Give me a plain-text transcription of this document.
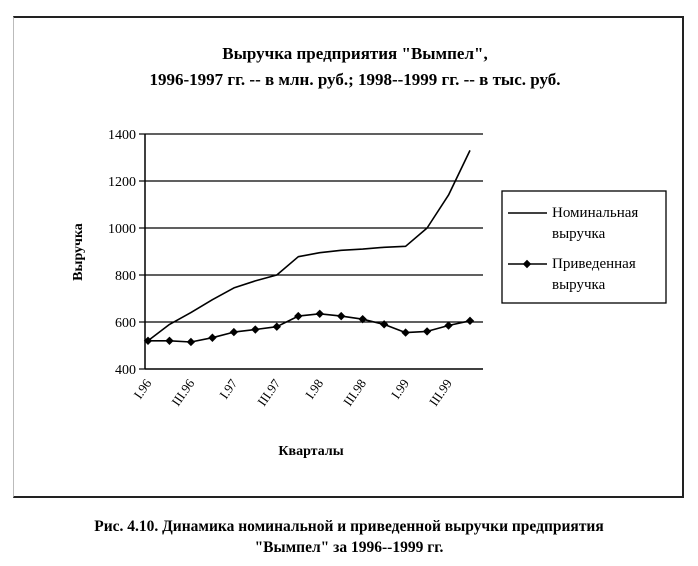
Выручка предприятия "Вымпел",
1996-1997 гг. -- в млн. руб.; 1998--1999 гг. -- в тыс. руб.
400
600
800
1000
1200
1400
I.96 III.96 I.97 III.97 I.98 III.98 I.99 III.99
Кварталы
Выручка
Номинальная
выручка
Приведенная
выручка
Рис. 4.10. Динамика номинальной и приведенной выручки предприятия
"Вымпел" за 1996--1999 гг.
